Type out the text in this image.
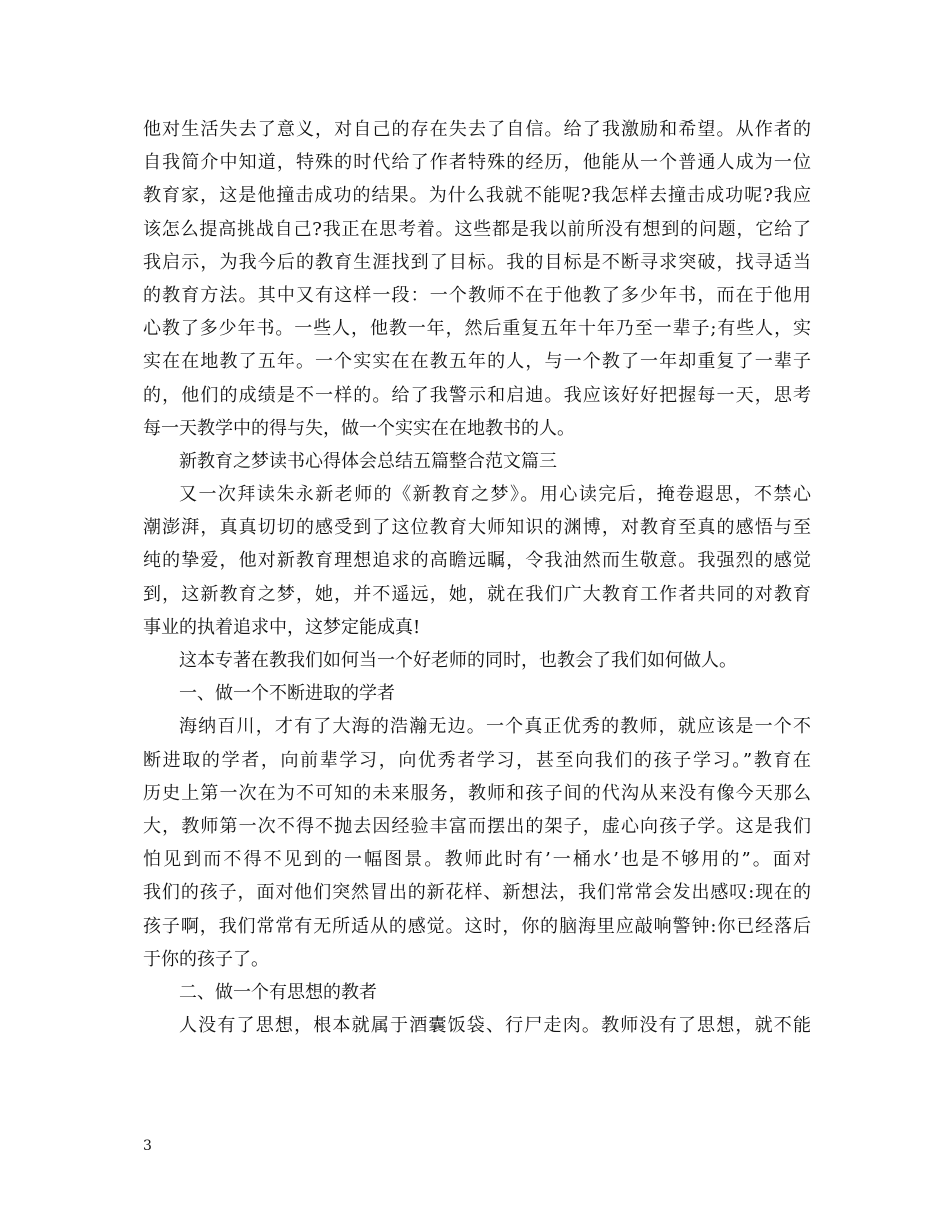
他对生活失去了意义，对自己的存在失去了自信。给了我激励和希望。从作者的
自我简介中知道，特殊的时代给了作者特殊的经历，他能从一个普通人成为一位
教育家，这是他撞击成功的结果。为什么我就不能呢?我怎样去撞击成功呢?我应
该怎么提高挑战自己?我正在思考着。这些都是我以前所没有想到的问题，它给了
我启示，为我今后的教育生涯找到了目标。我的目标是不断寻求突破，找寻适当
的教育方法。其中又有这样一段：一个教师不在于他教了多少年书，而在于他用
心教了多少年书。一些人，他教一年，然后重复五年十年乃至一辈子;有些人，实
实在在地教了五年。一个实实在在教五年的人，与一个教了一年却重复了一辈子
的，他们的成绩是不一样的。给了我警示和启迪。我应该好好把握每一天，思考
每一天教学中的得与失，做一个实实在在地教书的人。
新教育之梦读书心得体会总结五篇整合范文篇三
又一次拜读朱永新老师的《新教育之梦》。用心读完后，掩卷遐思，不禁心
潮澎湃，真真切切的感受到了这位教育大师知识的渊博，对教育至真的感悟与至
纯的挚爱，他对新教育理想追求的高瞻远瞩，令我油然而生敬意。我强烈的感觉
到，这新教育之梦，她，并不遥远，她，就在我们广大教育工作者共同的对教育
事业的执着追求中，这梦定能成真!
这本专著在教我们如何当一个好老师的同时，也教会了我们如何做人。
一、做一个不断进取的学者
海纳百川，才有了大海的浩瀚无边。一个真正优秀的教师，就应该是一个不
断进取的学者，向前辈学习，向优秀者学习，甚至向我们的孩子学习。”教育在
历史上第一次在为不可知的未来服务，教师和孩子间的代沟从来没有像今天那么
大，教师第一次不得不抛去因经验丰富而摆出的架子，虚心向孩子学。这是我们
怕见到而不得不见到的一幅图景。教师此时有’一桶水’也是不够用的”。面对
我们的孩子，面对他们突然冒出的新花样、新想法，我们常常会发出感叹:现在的
孩子啊，我们常常有无所适从的感觉。这时，你的脑海里应敲响警钟:你已经落后
于你的孩子了。
二、做一个有思想的教者
人没有了思想，根本就属于酒囊饭袋、行尸走肉。教师没有了思想，就不能
3
